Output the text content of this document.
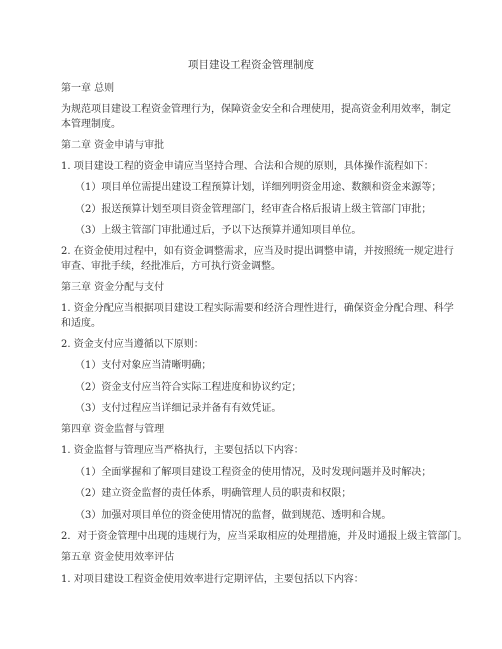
项目建设工程资金管理制度
第一章 总则
为规范项目建设工程资金管理行为，保障资金安全和合理使用，提高资金利用效率，制定
本管理制度。
第二章 资金申请与审批
1. 项目建设工程的资金申请应当坚持合理、合法和合规的原则，具体操作流程如下：
（1）项目单位需提出建设工程预算计划，详细列明资金用途、数额和资金来源等；
（2）报送预算计划至项目资金管理部门，经审查合格后报请上级主管部门审批；
（3）上级主管部门审批通过后，予以下达预算并通知项目单位。
2. 在资金使用过程中，如有资金调整需求，应当及时提出调整申请，并按照统一规定进行
审查、审批手续，经批准后，方可执行资金调整。
第三章 资金分配与支付
1. 资金分配应当根据项目建设工程实际需要和经济合理性进行，确保资金分配合理、科学
和适度。
2. 资金支付应当遵循以下原则：
（1）支付对象应当清晰明确；
（2）资金支付应当符合实际工程进度和协议约定；
（3）支付过程应当详细记录并备有有效凭证。
第四章 资金监督与管理
1. 资金监督与管理应当严格执行，主要包括以下内容：
（1）全面掌握和了解项目建设工程资金的使用情况，及时发现问题并及时解决；
（2）建立资金监督的责任体系，明确管理人员的职责和权限；
（3）加强对项目单位的资金使用情况的监督，做到规范、透明和合规。
2．对于资金管理中出现的违规行为，应当采取相应的处理措施，并及时通报上级主管部门。
第五章 资金使用效率评估
1. 对项目建设工程资金使用效率进行定期评估，主要包括以下内容：
